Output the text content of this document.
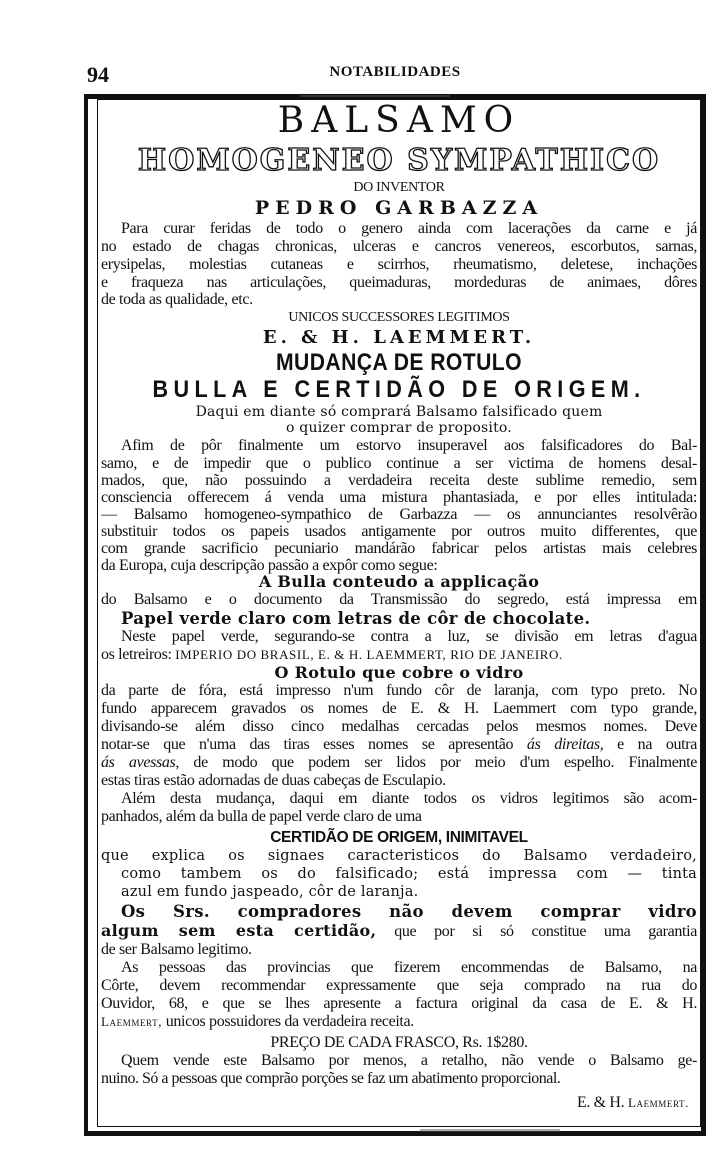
94	NOTABILIDADES
BALSAMO
HOMOGENEO SYMPATHICO
DO INVENTOR
PEDRO GARBAZZA
Para curar feridas de todo o genero ainda com lacerações da carne e já
no estado de chagas chronicas, ulceras e cancros venereos, escorbutos, sarnas,
erysipelas, molestias cutaneas e scirrhos, rheumatismo, deletese, inchações
e fraqueza nas articulações, queimaduras, mordeduras de animaes, dôres
de toda as qualidade, etc.
UNICOS SUCCESSORES LEGITIMOS
E. & H. LAEMMERT.
MUDANÇA DE ROTULO
BULLA E CERTIDÃO DE ORIGEM.
Daqui em diante só comprará Balsamo falsificado quem
o quizer comprar de proposito.
Afim de pôr finalmente um estorvo insuperavel aos falsificadores do Bal-
samo, e de impedir que o publico continue a ser victima de homens desal-
mados, que, não possuindo a verdadeira receita deste sublime remedio, sem
consciencia offerecem á venda uma mistura phantasiada, e por elles intitulada:
— Balsamo homogeneo-sympathico de Garbazza — os annunciantes resolvêrão
substituir todos os papeis usados antigamente por outros muito differentes, que
com grande sacrificio pecuniario mandárão fabricar pelos artistas mais celebres
da Europa, cuja descripção passão a expôr como segue:
A Bulla conteudo a applicação
do Balsamo e o documento da Transmissão do segredo, está impressa em
Papel verde claro com letras de côr de chocolate.
Neste papel verde, segurando-se contra a luz, se divisão em letras d'agua
os letreiros: IMPERIO DO BRASIL, E. & H. LAEMMERT, RIO DE JANEIRO.
O Rotulo que cobre o vidro
da parte de fóra, está impresso n'um fundo côr de laranja, com typo preto. No
fundo apparecem gravados os nomes de E. & H. Laemmert com typo grande,
divisando-se além disso cinco medalhas cercadas pelos mesmos nomes. Deve
notar-se que n'uma das tiras esses nomes se apresentão ás direitas, e na outra
ás avessas, de modo que podem ser lidos por meio d'um espelho. Finalmente
estas tiras estão adornadas de duas cabeças de Esculapio.
Além desta mudança, daqui em diante todos os vidros legitimos são acom-
panhados, além da bulla de papel verde claro de uma
CERTIDÃO DE ORIGEM, INIMITAVEL
que explica os signaes caracteristicos do Balsamo verdadeiro,
como tambem os do falsificado; está impressa com — tinta
azul em fundo jaspeado, côr de laranja.
Os Srs. compradores não devem comprar vidro
algum sem esta certidão, que por si só constitue uma garantia
de ser Balsamo legitimo.
As pessoas das provincias que fizerem encommendas de Balsamo, na
Côrte, devem recommendar expressamente que seja comprado na rua do
Ouvidor, 68, e que se lhes apresente a factura original da casa de E. & H.
Laemmert, unicos possuidores da verdadeira receita.
PREÇO DE CADA FRASCO, Rs. 1$280.
Quem vende este Balsamo por menos, a retalho, não vende o Balsamo ge-
nuino. Só a pessoas que comprão porções se faz um abatimento proporcional.
E. & H. Laemmert.
